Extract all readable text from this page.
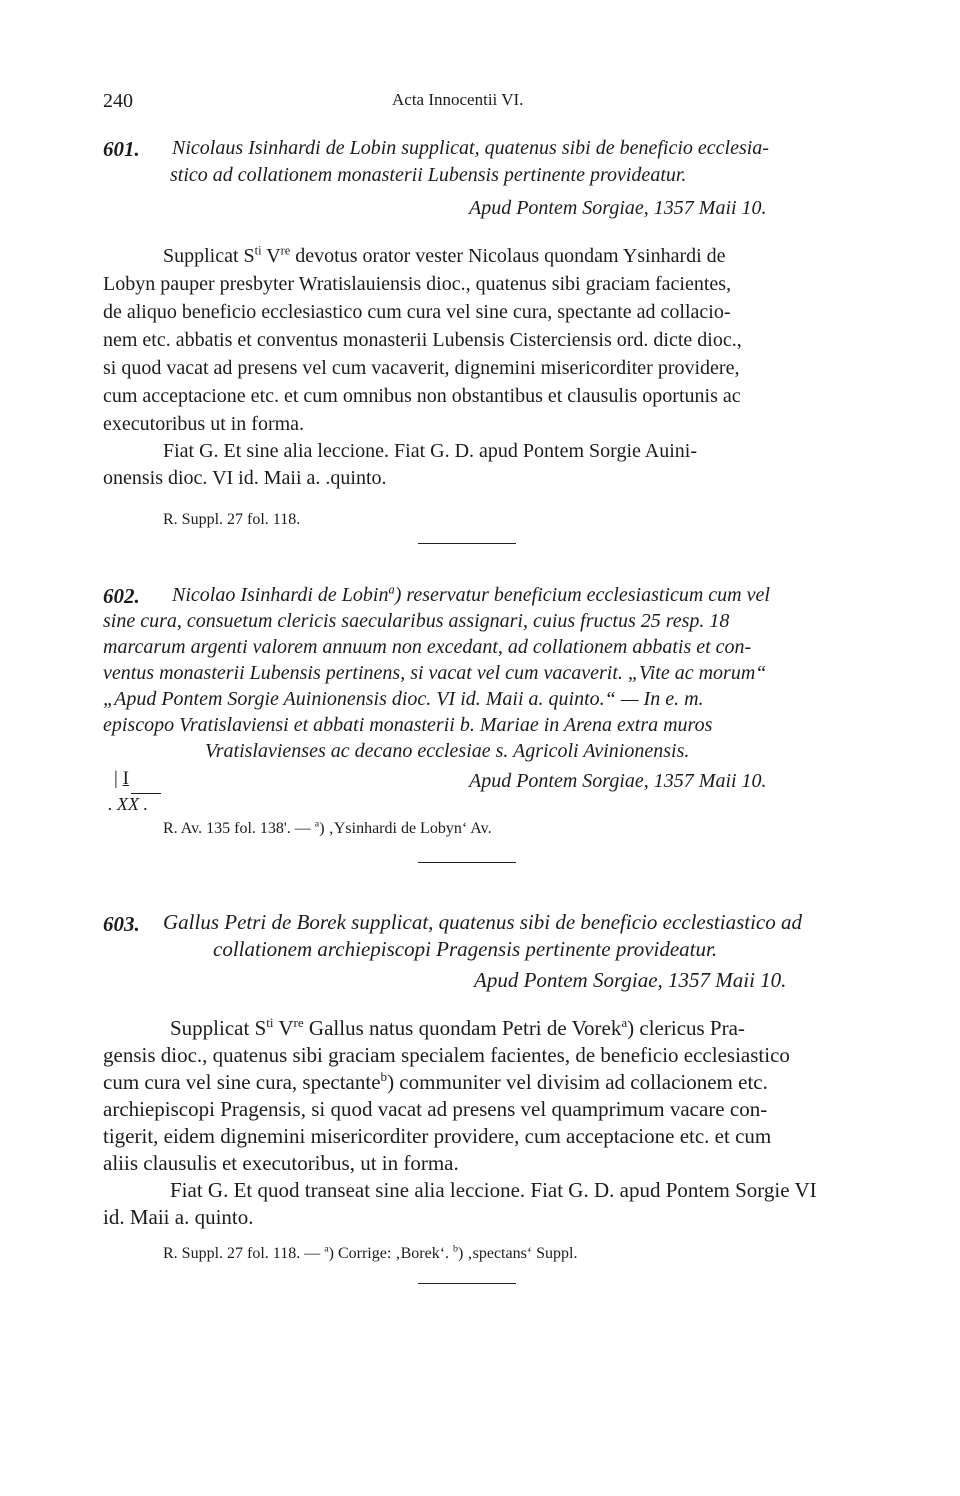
240	Acta Innocentii VI.
601. Nicolaus Isinhardi de Lobin supplicat, quatenus sibi de beneficio ecclesia-
stico ad collationem monasterii Lubensis pertinente provideatur.
Apud Pontem Sorgiae, 1357 Maii 10.
Supplicat $S^{ti}$ Vre devotus orator vester Nicolaus quondam Ysinhardi de
Lobyn pauper presbyter Wratislauiensis dioc., quatenus sibi graciam facientes,
de aliquo beneficio ecclesiastico cum cura vel sine cura, spectante ad collacio-
nem etc. abbatis et conventus monasterii Lubensis Cisterciensis ord. dicte dioc.,
si quod vacat ad presens vel cum vacaverit, dignemini misericorditer providere,
cum acceptacione etc. et cum omnibus non obstantibus et clausulis oportunis ac
executoribus ut in forma.
Fiat G. Et sine alia leccione. Fiat G. D. apud Pontem Sorgie Auini-
onensis dioc. VI id. Maii a. .quinto.
R. Suppl. 27 fol. 118.
602. Nicolao Isinhardi de Lobin$^a$) reservatur beneficium ecclesiasticum cum vel
sine cura, consuetum clericis saecularibus assignari, cuius fructus 25 resp. 18
marcarum argenti valorem annuum non excedant, ad collationem abbatis et con-
ventus monasterii Lubensis pertinens, si vacat vel cum vacaverit. „Vite ac morum“
„Apud Pontem Sorgie Auinionensis dioc. VI id. Maii a. quinto.“ — In e. m.
episcopo Vratislaviensi et abbati monasterii b. Mariae in Arena extra muros
Vratislavienses ac decano ecclesiae s. Agricoli Avinionensis.
| I
. XX .
Apud Pontem Sorgiae, 1357 Maii 10.
R. Av. 135 fol. 138'. — $^a$) ‚Ysinhardi de Lobyn‘ Av.
603. Gallus Petri de Borek supplicat, quatenus sibi de beneficio ecclestiastico ad
collationem archiepiscopi Pragensis pertinente provideatur.
Apud Pontem Sorgiae, 1357 Maii 10.
Supplicat $S^{ti}$ Vre Gallus natus quondam Petri de Vorek$^a$) clericus Pra-
gensis dioc., quatenus sibi graciam specialem facientes, de beneficio ecclesiastico
cum cura vel sine cura, spectante$^b$) communiter vel divisim ad collacionem etc.
archiepiscopi Pragensis, si quod vacat ad presens vel quamprimum vacare con-
tigerit, eidem dignemini misericorditer providere, cum acceptacione etc. et cum
aliis clausulis et executoribus, ut in forma.
Fiat G. Et quod transeat sine alia leccione. Fiat G. D. apud Pontem Sorgie VI
id. Maii a. quinto.
R. Suppl. 27 fol. 118. — $^a$) Corrige: ‚Borek‘. $^b$) ‚spectans‘ Suppl.
